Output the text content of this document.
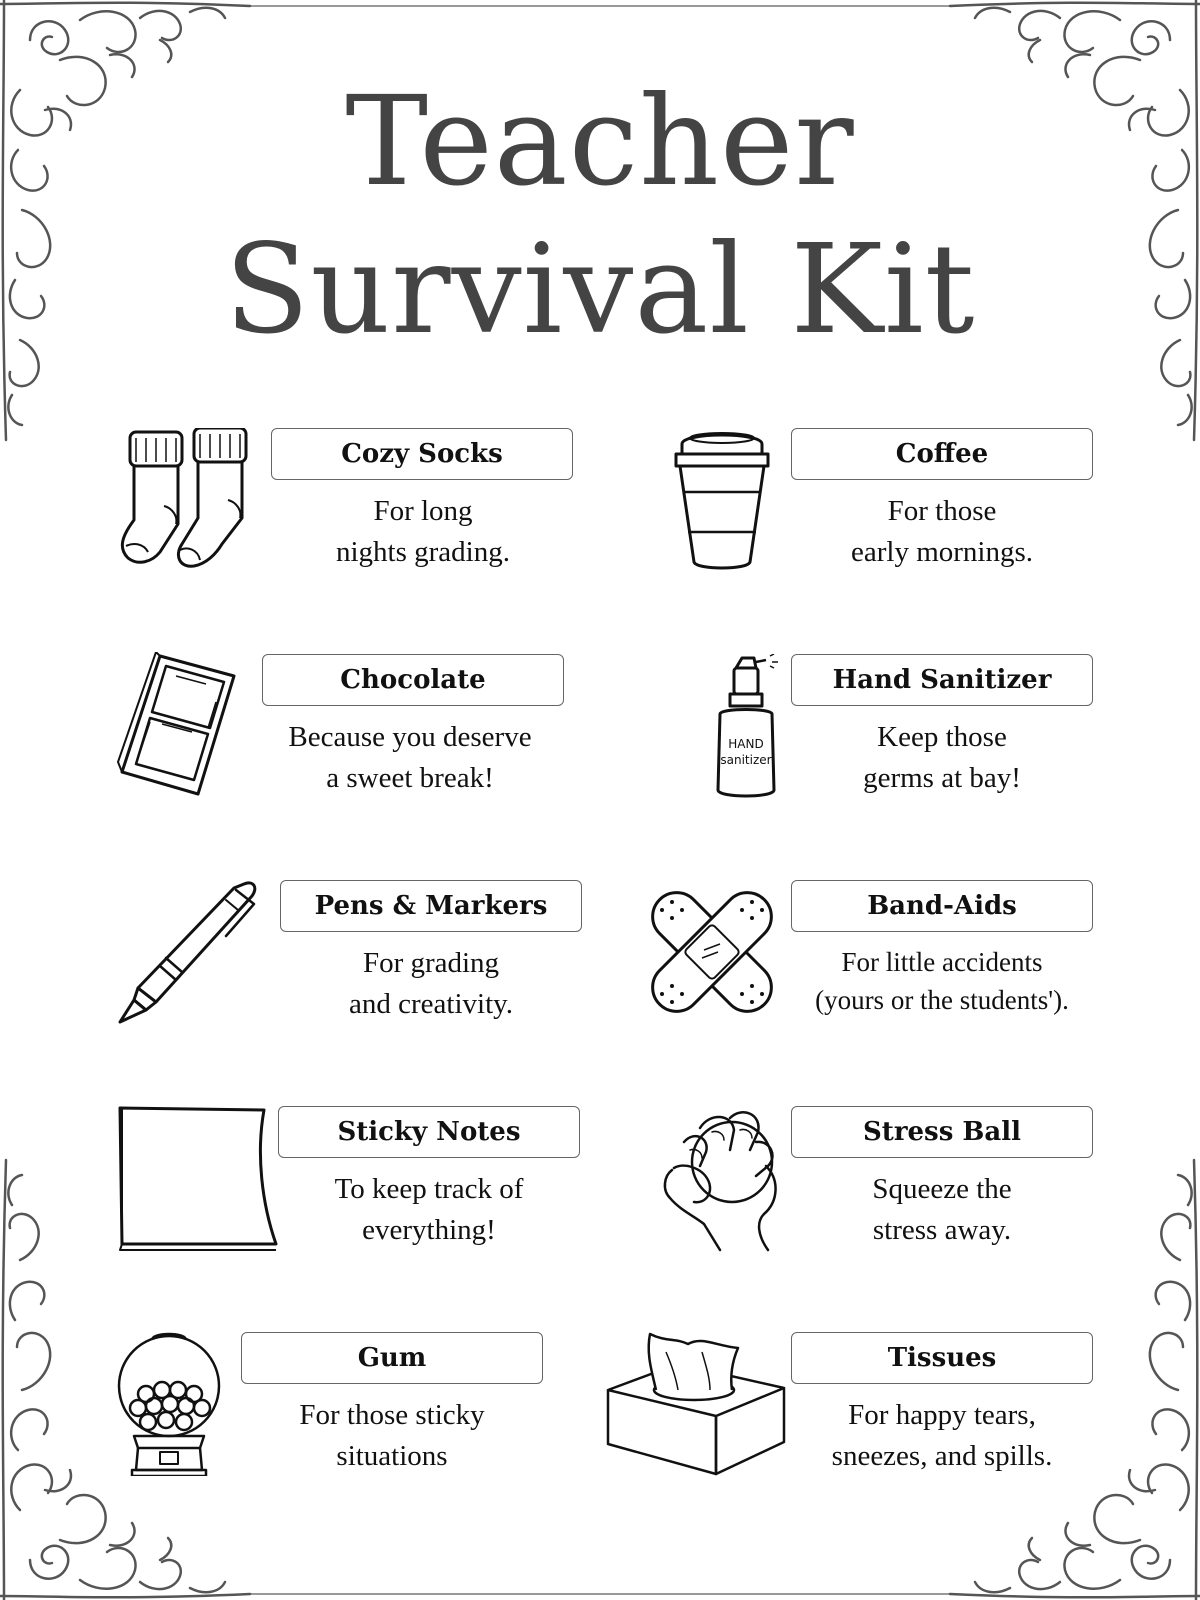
Teacher
Survival Kit
Cozy Socks
For long
nights grading.
Coffee
For those
early mornings.
Chocolate
Because you deserve
a sweet break!
HAND
sanitizer
Hand Sanitizer
Keep those
germs at bay!
Pens & Markers
For grading
and creativity.
Band-Aids
For little accidents
(yours or the students').
Sticky Notes
To keep track of
everything!
Stress Ball
Squeeze the
stress away.
Gum
For those sticky
situations
Tissues
For happy tears,
sneezes, and spills.
